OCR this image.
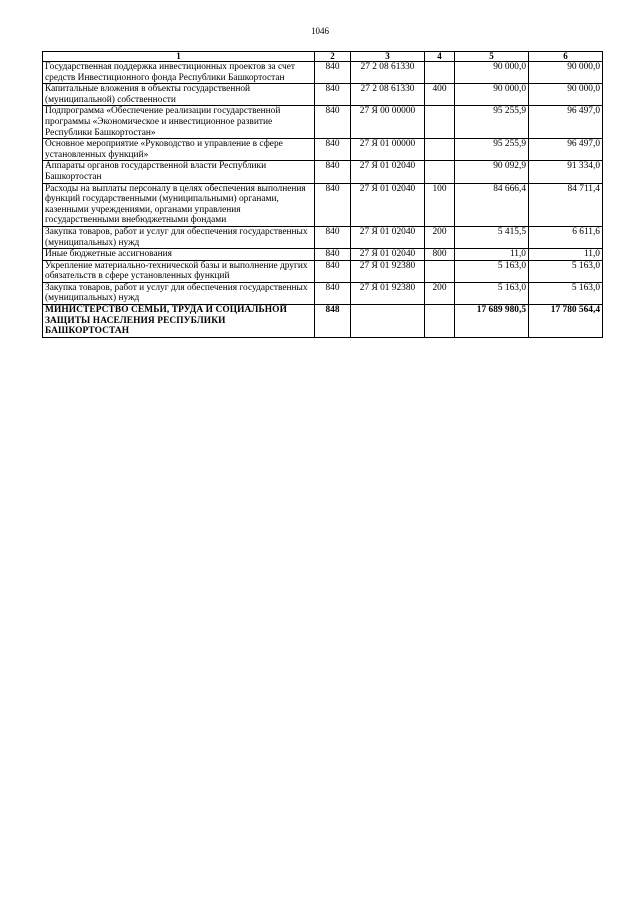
1046
1	2	3	4	5	6
Государственная поддержка инвестиционных проектов за счет средств Инвестиционного фонда Республики Башкортостан	840	27 2 08 61330		90 000,0	90 000,0
Капитальные вложения в объекты государственной (муниципальной) собственности	840	27 2 08 61330	400	90 000,0	90 000,0
Подпрограмма «Обеспечение реализации государственной программы «Экономическое и инвестиционное развитие Республики Башкортостан»	840	27 Я 00 00000		95 255,9	96 497,0
Основное мероприятие «Руководство и управление в сфере установленных функций»	840	27 Я 01 00000		95 255,9	96 497,0
Аппараты органов государственной власти Республики Башкортостан	840	27 Я 01 02040		90 092,9	91 334,0
Расходы на выплаты персоналу в целях обеспечения выполнения функций государственными (муниципальными) органами, казенными учреждениями, органами управления государственными внебюджетными фондами	840	27 Я 01 02040	100	84 666,4	84 711,4
Закупка товаров, работ и услуг для обеспечения государственных (муниципальных) нужд	840	27 Я 01 02040	200	5 415,5	6 611,6
Иные бюджетные ассигнования	840	27 Я 01 02040	800	11,0	11,0
Укрепление материально-технической базы и выполнение других обязательств в сфере установленных функций	840	27 Я 01 92380		5 163,0	5 163,0
Закупка товаров, работ и услуг для обеспечения государственных (муниципальных) нужд	840	27 Я 01 92380	200	5 163,0	5 163,0
МИНИСТЕРСТВО СЕМЬИ, ТРУДА И СОЦИАЛЬНОЙ ЗАЩИТЫ НАСЕЛЕНИЯ РЕСПУБЛИКИ БАШКОРТОСТАН	848			17 689 980,5	17 780 564,4
